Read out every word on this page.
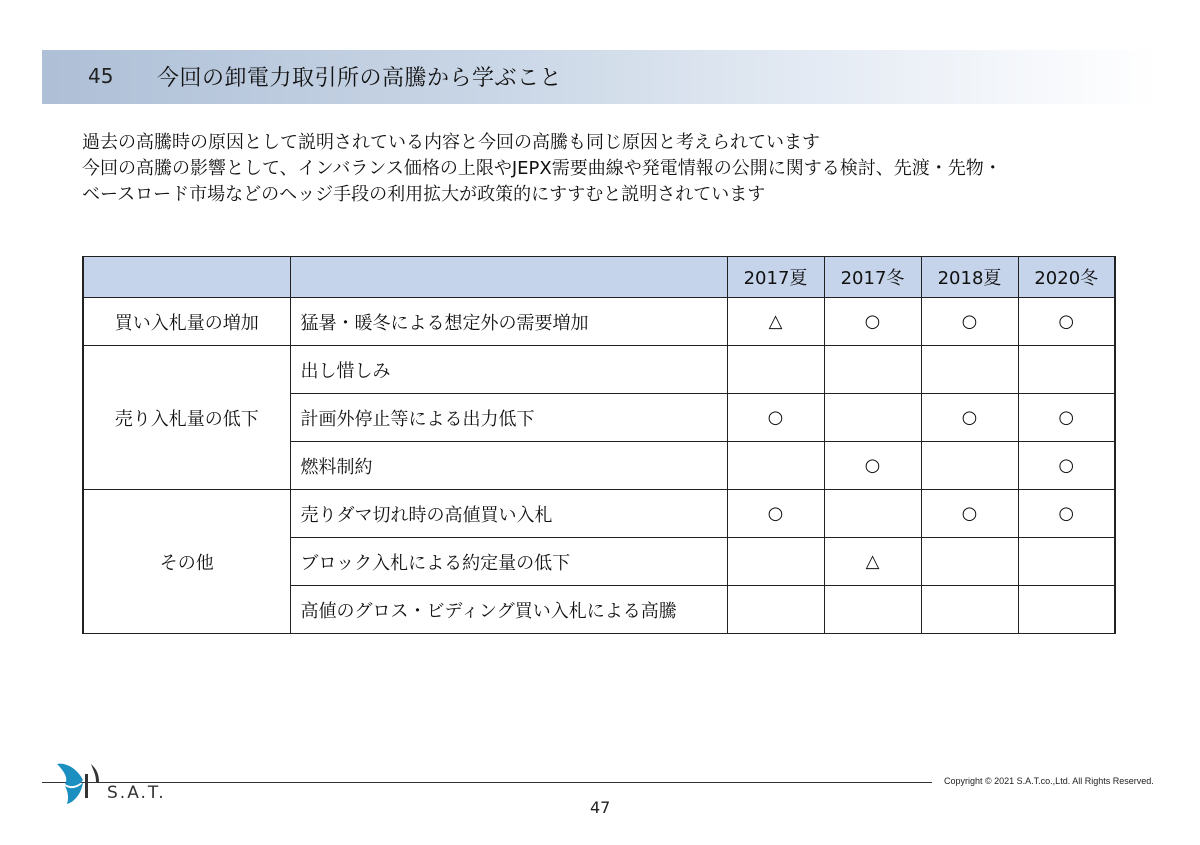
45 今回の卸電力取引所の高騰から学ぶこと

過去の高騰時の原因として説明されている内容と今回の高騰も同じ原因と考えられています

今回の高騰の影響として、インバランス価格の上限やJEPX需要曲線や発電情報の公開に関する検討、先渡・先物・

ベースロード市場などのヘッジ手段の利用拡大が政策的にすすむと説明されています

		2017夏	2017冬	2018夏	2020冬
買い入札量の増加	猛暑・暖冬による想定外の需要増加	△	○	○	○
売り入札量の低下	出し惜しみ				
	計画外停止等による出力低下	○		○	○
	燃料制約		○		○
その他	売りダマ切れ時の高値買い入札	○		○	○
	ブロック入札による約定量の低下		△		
	高値のグロス・ビディング買い入札による高騰				
S.A.T.
Copyright © 2021 S.A.T.co.,Ltd. All Rights Reserved.
47
